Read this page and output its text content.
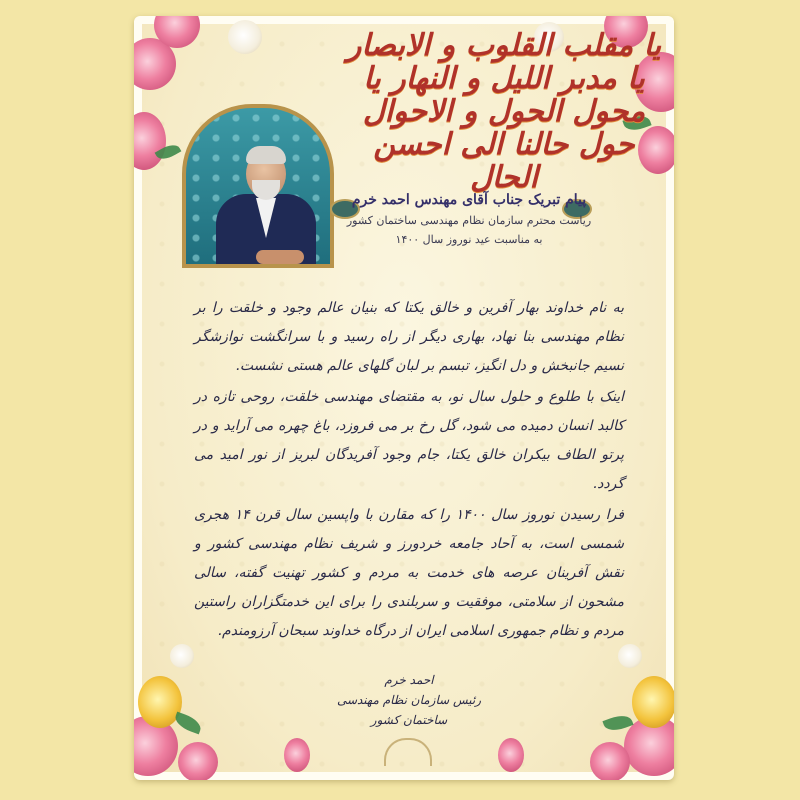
یا مقلب القلوب و الابصار یا مدبر اللیل و النهار یا محول الحول و الاحوال حول حالنا الی احسن الحال
پیام تبریک جناب آقای مهندس احمد خرم
ریاست محترم سازمان نظام مهندسی ساختمان کشور
به مناسبت عید نوروز سال ۱۴۰۰

به نام خداوند بهار آفرین و خالق یکتا که بنیان عالم وجود و خلقت را بر نظام مهندسی بنا نهاد، بهاری دیگر از راه رسید و با سرانگشت نوازشگر نسیم جانبخش و دل انگیز، تبسم بر لبان گلهای عالم هستی نشست.

اینک با طلوع و حلول سال نو، به مقتضای مهندسی خلقت، روحی تازه در کالبد انسان دمیده می شود، گل رخ بر می فروزد، باغ چهره می آراید و در پرتو الطاف بیکران خالق یکتا، جام وجود آفریدگان لبریز از نور امید می گردد.

فرا رسیدن نوروز سال ۱۴۰۰ را که مقارن با واپسین سال قرن ۱۴ هجری شمسی است، به آحاد جامعه خردورز و شریف نظام مهندسی کشور و نقش آفرینان عرصه های خدمت به مردم و کشور تهنیت گفته، سالی مشحون از سلامتی، موفقیت و سربلندی را برای این خدمتگزاران راستین مردم و نظام جمهوری اسلامی ایران از درگاه خداوند سبحان آرزومندم.

احمد خرم
رئیس سازمان نظام مهندسی ساختمان کشور
